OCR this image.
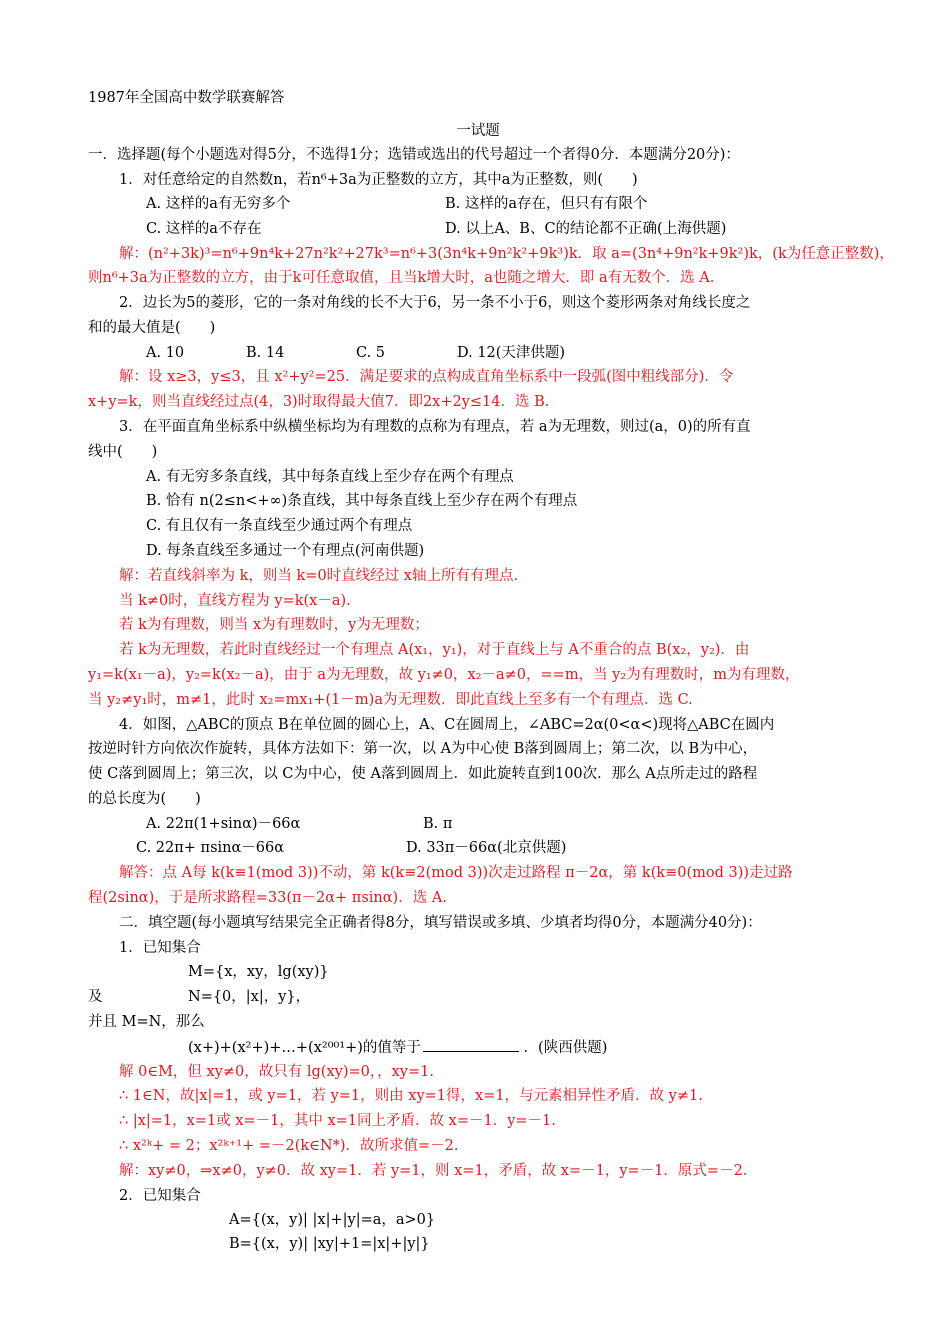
1987年全国高中数学联赛解答
一试题
一．选择题(每个小题选对得5分，不选得1分；选错或选出的代号超过一个者得0分．本题满分20分)：
1．对任意给定的自然数n，若n⁶+3a为正整数的立方，其中a为正整数，则(　　)
A. 这样的a有无穷多个	B. 这样的a存在，但只有有限个
C. 这样的a不存在	D. 以上A、B、C的结论都不正确(上海供题)
解：(n²+3k)³=n⁶+9n⁴k+27n²k²+27k³=n⁶+3(3n⁴k+9n²k²+9k³)k．取 a=(3n⁴+9n²k+9k²)k，(k为任意正整数)，
则n⁶+3a为正整数的立方，由于k可任意取值，且当k增大时，a也随之增大．即 a有无数个．选 A.
2．边长为5的菱形，它的一条对角线的长不大于6，另一条不小于6，则这个菱形两条对角线长度之
和的最大值是(　　)
A. 10	B. 14	C. 5	D. 12(天津供题)
解：设 x≥3，y≤3，且 x²+y²=25．满足要求的点构成直角坐标系中一段弧(图中粗线部分)．令
x+y=k，则当直线经过点(4，3)时取得最大值7．即2x+2y≤14．选 B.
3．在平面直角坐标系中纵横坐标均为有理数的点称为有理点，若 a为无理数，则过(a，0)的所有直
线中(　　)
A. 有无穷多条直线，其中每条直线上至少存在两个有理点
B. 恰有 n(2≤n<+∞)条直线，其中每条直线上至少存在两个有理点
C. 有且仅有一条直线至少通过两个有理点
D. 每条直线至多通过一个有理点(河南供题)
解：若直线斜率为 k，则当 k=0时直线经过 x轴上所有有理点.
当 k≠0时，直线方程为 y=k(x－a).
若 k为有理数，则当 x为有理数时，y为无理数；
若 k为无理数，若此时直线经过一个有理点 A(x₁，y₁)，对于直线上与 A不重合的点 B(x₂，y₂)．由
y₁=k(x₁－a)，y₂=k(x₂－a)，由于 a为无理数，故 y₁≠0，x₂－a≠0，==m，当 y₂为有理数时，m为有理数，
当 y₂≠y₁时，m≠1，此时 x₂=mx₁+(1－m)a为无理数．即此直线上至多有一个有理点．选 C.
4．如图，△ABC的顶点 B在单位圆的圆心上，A、C在圆周上，∠ABC=2α(0<α<)现将△ABC在圆内
按逆时针方向依次作旋转，具体方法如下：第一次，以 A为中心使 B落到圆周上；第二次，以 B为中心，
使 C落到圆周上；第三次，以 C为中心，使 A落到圆周上．如此旋转直到100次．那么 A点所走过的路程
的总长度为(　　)
A. 22π(1+sinα)－66α	B. π
C. 22π+ πsinα－66α	D. 33π－66α(北京供题)
解答：点 A每 k(k≡1(mod 3))不动，第 k(k≡2(mod 3))次走过路程 π－2α，第 k(k≡0(mod 3))走过路
程(2sinα)，于是所求路程=33(π－2α+ πsinα)．选 A.
二．填空题(每小题填写结果完全正确者得8分，填写错误或多填、少填者均得0分，本题满分40分)：
1．已知集合
M={x，xy，lg(xy)}
及	N={0，|x|，y}，
并且 M=N，那么
(x+)+(x²+)+…+(x²⁰⁰¹+)的值等于	．(陕西供题)
解 0∈M，但 xy≠0，故只有 lg(xy)=0，，xy=1.
∴ 1∈N，故|x|=1，或 y=1，若 y=1，则由 xy=1得，x=1，与元素相异性矛盾．故 y≠1.
∴ |x|=1，x=1或 x=－1，其中 x=1同上矛盾．故 x=－1．y=－1.
∴ x²ᵏ+ = 2；x²ᵏ⁺¹+ =－2(k∈N*)．故所求值=－2.
解：xy≠0，⇒x≠0，y≠0．故 xy=1．若 y=1，则 x=1，矛盾，故 x=－1，y=－1．原式=－2.
2．已知集合
A={(x，y)| |x|+|y|=a，a>0}
B={(x，y)| |xy|+1=|x|+|y|}
